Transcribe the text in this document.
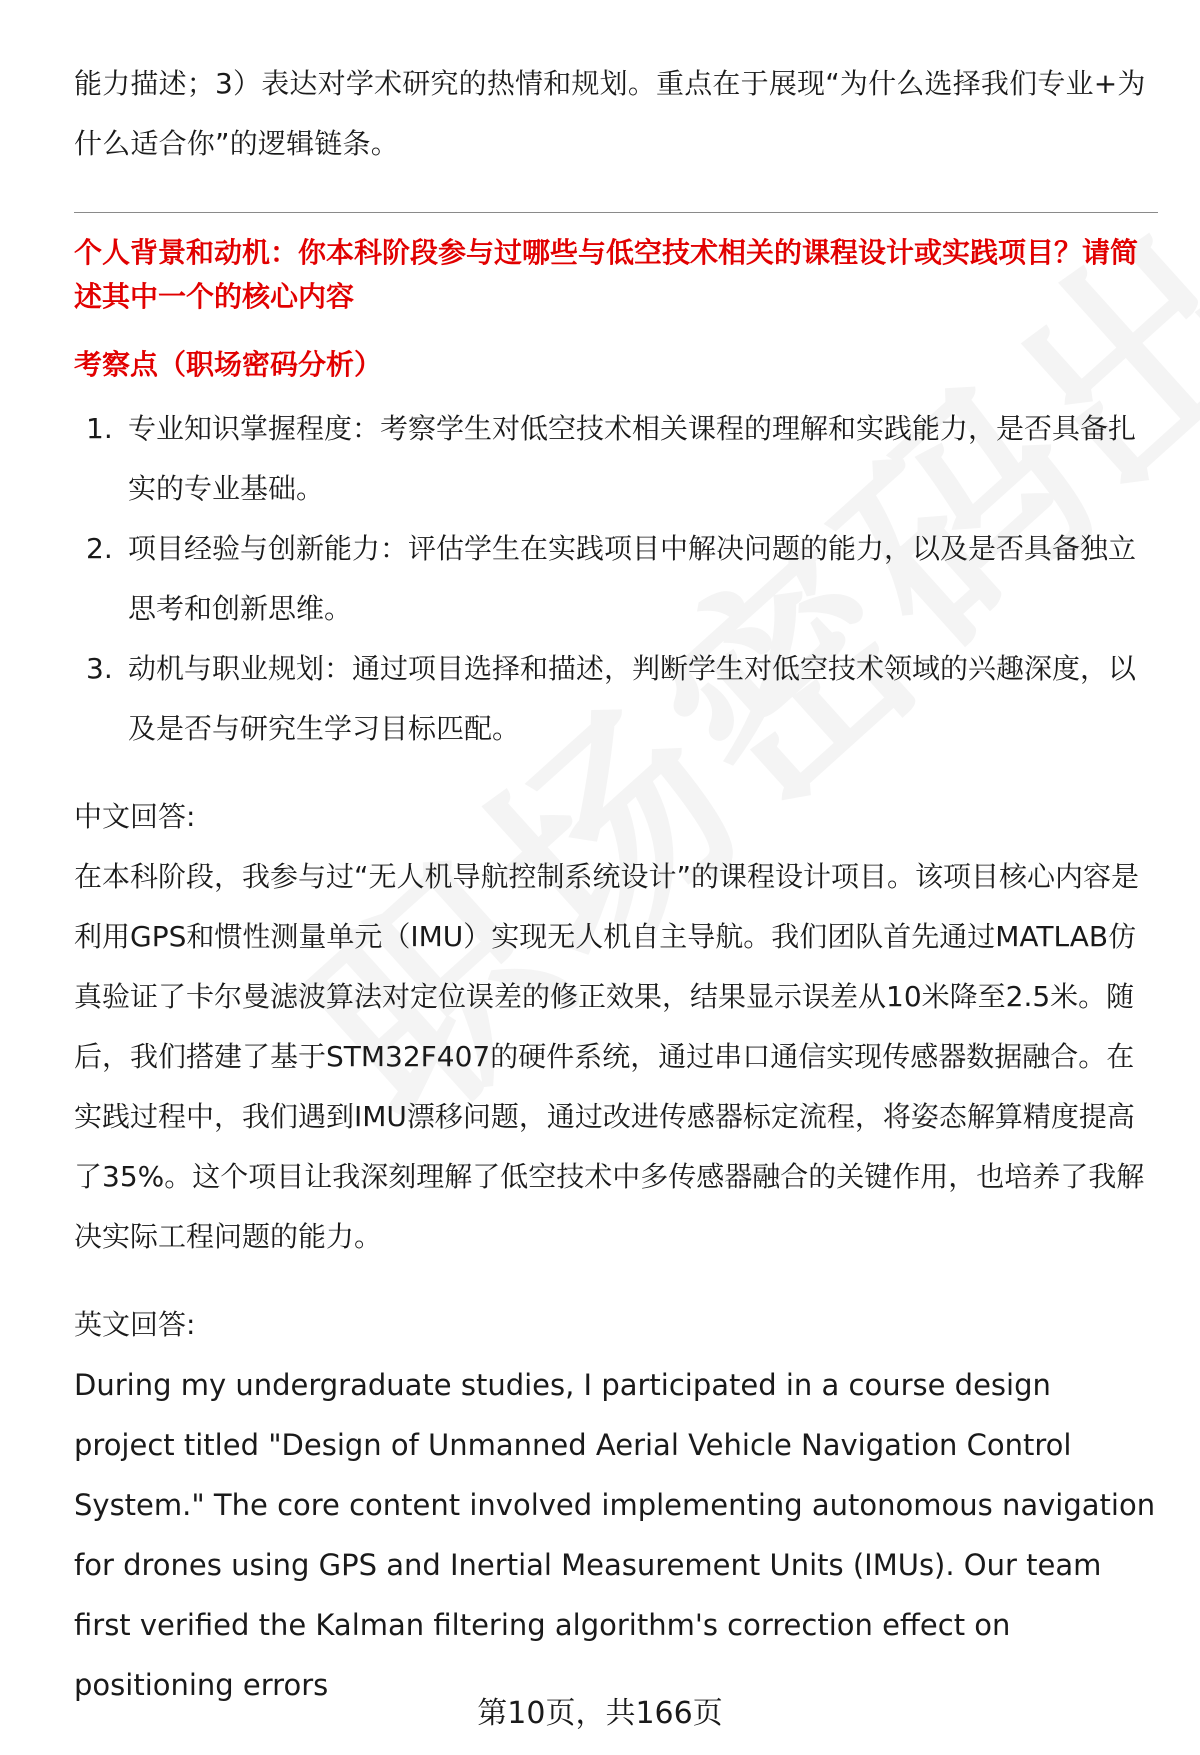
能力描述；3）表达对学术研究的热情和规划。重点在于展现“为什么选择我们专业+为什么适合你”的逻辑链条。

个人背景和动机：你本科阶段参与过哪些与低空技术相关的课程设计或实践项目？请简述其中一个的核心内容

考察点（职场密码分析）

1. 专业知识掌握程度：考察学生对低空技术相关课程的理解和实践能力，是否具备扎实的专业基础。
2. 项目经验与创新能力：评估学生在实践项目中解决问题的能力，以及是否具备独立思考和创新思维。
3. 动机与职业规划：通过项目选择和描述，判断学生对低空技术领域的兴趣深度，以及是否与研究生学习目标匹配。

中文回答:

在本科阶段，我参与过“无人机导航控制系统设计”的课程设计项目。该项目核心内容是利用GPS和惯性测量单元（IMU）实现无人机自主导航。我们团队首先通过MATLAB仿真验证了卡尔曼滤波算法对定位误差的修正效果，结果显示误差从10米降至2.5米。随后，我们搭建了基于STM32F407的硬件系统，通过串口通信实现传感器数据融合。在实践过程中，我们遇到IMU漂移问题，通过改进传感器标定流程，将姿态解算精度提高了35%。这个项目让我深刻理解了低空技术中多传感器融合的关键作用，也培养了我解决实际工程问题的能力。

英文回答:

During my undergraduate studies, I participated in a course design project titled "Design of Unmanned Aerial Vehicle Navigation Control System." The core content involved implementing autonomous navigation for drones using GPS and Inertial Measurement Units (IMUs). Our team first verified the Kalman filtering algorithm's correction effect on positioning errors

第10页，共166页
